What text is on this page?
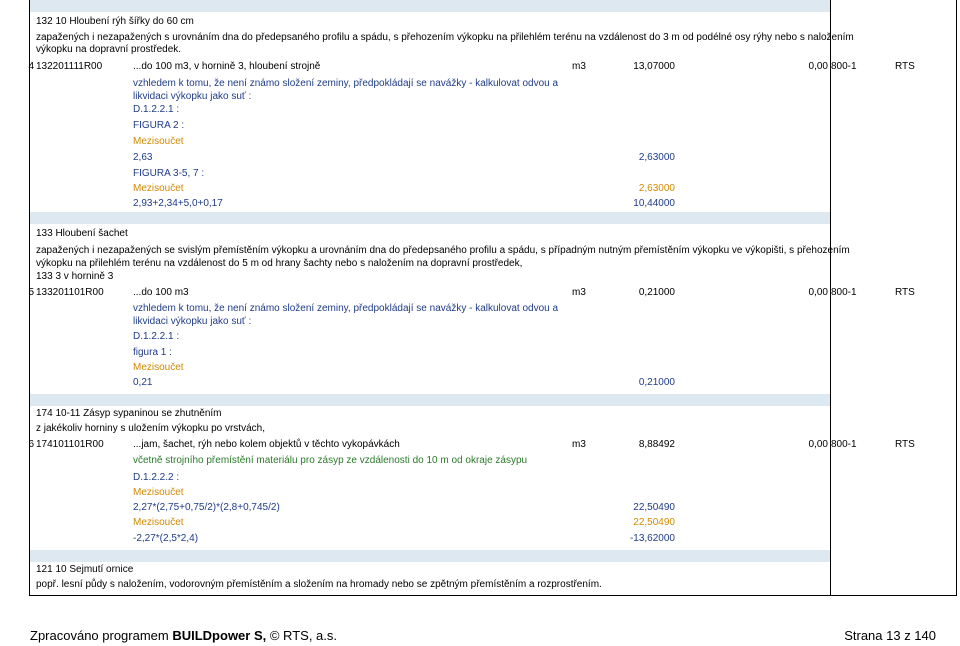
132 10 Hloubení rýh šířky do 60 cm
zapažených i nezapažených s urovnáním dna do předepsaného profilu a spádu, s přehozením výkopku na přilehlém terénu na vzdálenost do 3 m od podélné osy rýhy nebo s naložením
výkopku na dopravní prostředek.
4 132201111R00	...do 100 m3, v hornině 3, hloubení strojně	m3	13,07000	0,00 800-1	RTS
vzhledem k tomu, že není známo složení zeminy, předpokládají se navážky - kalkulovat odvou a
likvidaci výkopku jako suť :
D.1.2.2.1 :
FIGURA 2 :
Mezisoučet
2,63	2,63000
FIGURA 3-5, 7 :
Mezisoučet	2,63000
2,93+2,34+5,0+0,17	10,44000
133 Hloubení šachet
zapažených i nezapažených se svislým přemístěním výkopku a urovnáním dna do předepsaného profilu a spádu, s případným nutným přemístěním výkopku ve výkopišti, s přehozením
výkopku na přilehlém terénu na vzdálenost do 5 m od hrany šachty nebo s naložením na dopravní prostředek,
133 3 v hornině 3
5 133201101R00	...do 100 m3	m3	0,21000	0,00 800-1	RTS
vzhledem k tomu, že není známo složení zeminy, předpokládají se navážky - kalkulovat odvou a
likvidaci výkopku jako suť :
D.1.2.2.1 :
figura 1 :
Mezisoučet
0,21	0,21000
174 10-11 Zásyp sypaninou se zhutněním
z jakékoliv horniny s uložením výkopku po vrstvách,
6 174101101R00	...jam, šachet, rýh nebo kolem objektů v těchto vykopávkách	m3	8,88492	0,00 800-1	RTS
včetně strojního přemístění materiálu pro zásyp ze vzdálenosti do 10 m od okraje zásypu
D.1.2.2.2 :
Mezisoučet
2,27*(2,75+0,75/2)*(2,8+0,745/2)	22,50490
Mezisoučet	22,50490
-2,27*(2,5*2,4)	-13,62000
121 10 Sejmutí ornice
popř. lesní půdy s naložením, vodorovným přemístěním a složením na hromady nebo se zpětným přemístěním a rozprostřením.
Zpracováno programem BUILDpower S, © RTS, a.s.	Strana 13 z 140
